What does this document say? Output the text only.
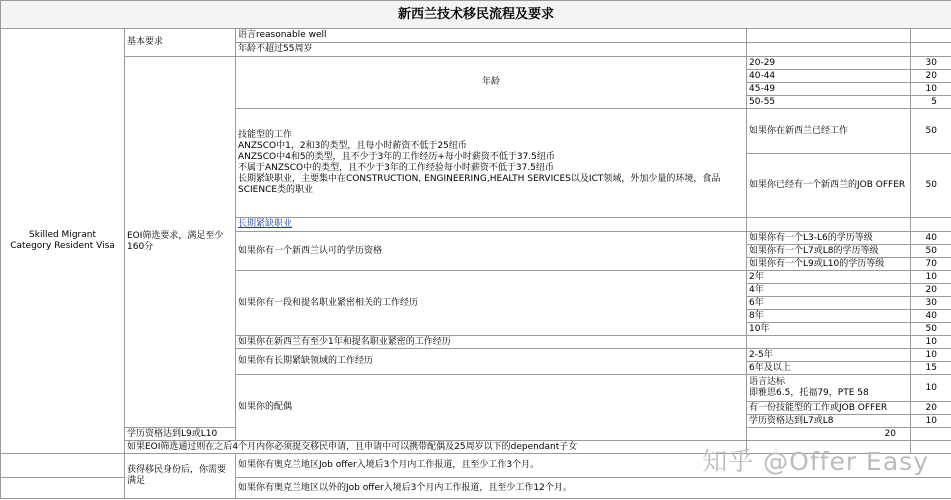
新西兰技术移民流程及要求				
Skilled Migrant
Category Resident Visa	基本要求	语言reasonable well		
		年龄不超过55周岁		
	EOI筛选要求，满足至少160分	年龄	20-29	30
			40-44	20
			45-49	10
			50-55	5

		技能型的工作
ANZSCO中1，2和3的类型，且每小时薪资不低于25纽币
ANZSCO中4和5的类型，且不少于3年的工作经历+每小时薪资不低于37.5纽币
不属于ANZSCO中的类型，且不少于3年的工作经验每小时薪资不低于37.5纽币
长期紧缺职业，主要集中在CONSTRUCTION, ENGINEERING,HEALTH SERVICES以及ICT领域，外加少量的环境，食品SCIENCE类的职业	如果你在新西兰已经工作	50
			如果你已经有一个新西兰的JOB OFFER	50
		长期紧缺职业		
		如果你有一个新西兰认可的学历资格	如果你有一个L3-L6的学历等级	40
			如果你有一个L7或L8的学历等级	50
			如果你有一个L9或L10的学历等级	70
		如果你有一段和提名职业紧密相关的工作经历	2年	10
			4年	20
			6年	30
			8年	40
			10年	50
		如果你在新西兰有至少1年和提名职业紧密的工作经历		10
		如果你有长期紧缺领域的工作经历	2-5年	10
			6年及以上	15
		如果你的配偶	语言达标
即雅思6.5，托福79，PTE 58	10
			有一份技能型的工作或JOB OFFER	20
			学历资格达到L7或L8	10
	学历资格达到L9或L10		20	
	如果EOI筛选通过则在之后4个月内你必须提交移民申请，且申请中可以携带配偶及25周岁以下的dependant子女			
	获得移民身份后，你需要满足	如果你有奥克兰地区Job offer入境后3个月内工作报道，且至少工作3个月。		
		如果你有奥克兰地区以外的Job offer入境后3个月内工作报道，且至少工作12个月。		
知乎 @Offer Easy
